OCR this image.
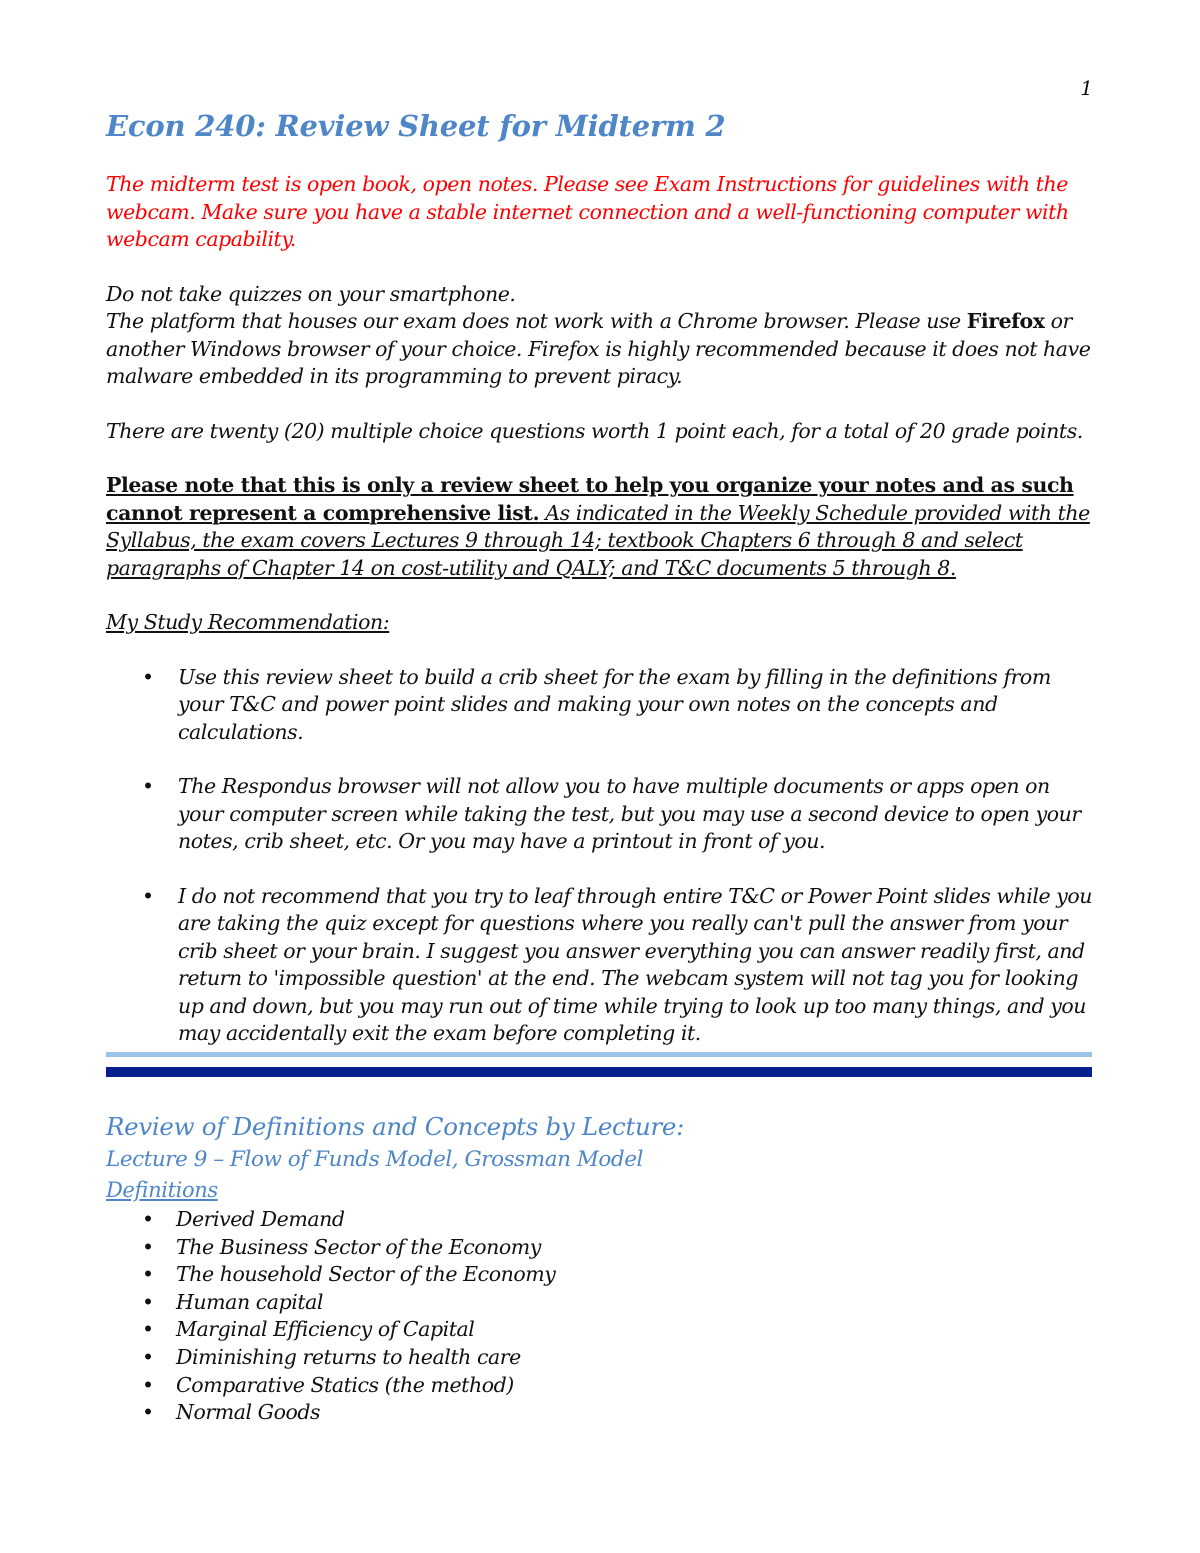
1
Econ 240: Review Sheet for Midterm 2

The midterm test is open book, open notes. Please see Exam Instructions for guidelines with the webcam. Make sure you have a stable internet connection and a well-functioning computer with webcam capability.

Do not take quizzes on your smartphone.

The platform that houses our exam does not work with a Chrome browser. Please use Firefox or another Windows browser of your choice. Firefox is highly recommended because it does not have malware embedded in its programming to prevent piracy.

There are twenty (20) multiple choice questions worth 1 point each, for a total of 20 grade points.

Please note that this is only a review sheet to help you organize your notes and as such cannot represent a comprehensive list. As indicated in the Weekly Schedule provided with the Syllabus, the exam covers Lectures 9 through 14; textbook Chapters 6 through 8 and select paragraphs of Chapter 14 on cost-utility and QALY; and T&C documents 5 through 8.

My Study Recommendation:

• Use this review sheet to build a crib sheet for the exam by filling in the definitions from your T&C and power point slides and making your own notes on the concepts and calculations.
• The Respondus browser will not allow you to have multiple documents or apps open on your computer screen while taking the test, but you may use a second device to open your notes, crib sheet, etc. Or you may have a printout in front of you.
• I do not recommend that you try to leaf through entire T&C or Power Point slides while you are taking the quiz except for questions where you really can't pull the answer from your crib sheet or your brain. I suggest you answer everything you can answer readily first, and return to 'impossible question' at the end. The webcam system will not tag you for looking up and down, but you may run out of time while trying to look up too many things, and you may accidentally exit the exam before completing it.
Review of Definitions and Concepts by Lecture:
Lecture 9 – Flow of Funds Model, Grossman Model
Definitions
• Derived Demand
• The Business Sector of the Economy
• The household Sector of the Economy
• Human capital
• Marginal Efficiency of Capital
• Diminishing returns to health care
• Comparative Statics (the method)
• Normal Goods
